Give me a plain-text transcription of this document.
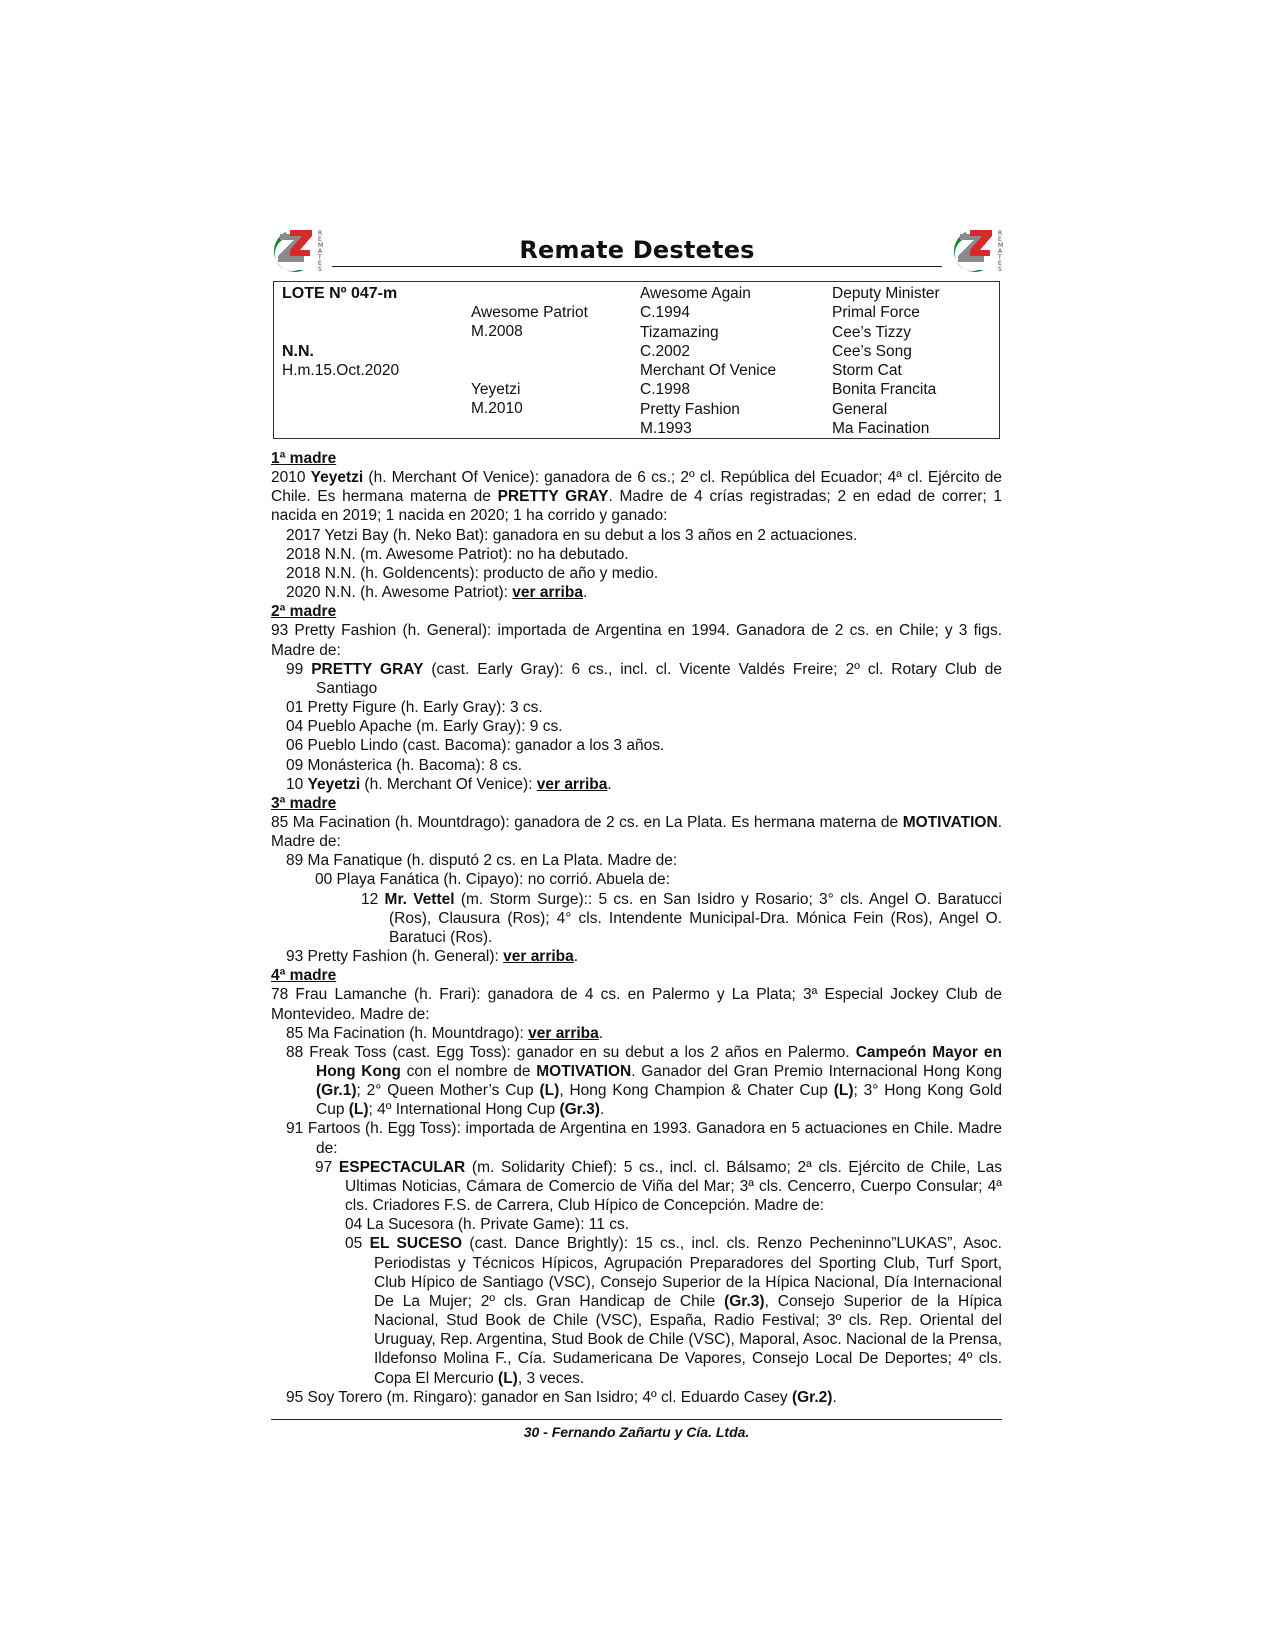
R
E
M
A
T
E
S
Remate Destetes
R
E
M
A
T
E
S
LOTE Nº 047-m
N.N.
H.m.15.Oct.2020
Awesome Patriot
M.2008
Yeyetzi
M.2010
Awesome Again
C.1994
Tizamazing
C.2002
Merchant Of Venice
C.1998
Pretty Fashion
M.1993
Deputy Minister
Primal Force
Cee’s Tizzy
Cee’s Song
Storm Cat
Bonita Francita
General
Ma Facination

1ª madre

2010 Yeyetzi (h. Merchant Of Venice): ganadora de 6 cs.; 2º cl. República del Ecuador; 4ª cl. Ejército de Chile. Es hermana materna de PRETTY GRAY. Madre de 4 crías registradas; 2 en edad de correr; 1 nacida en 2019; 1 nacida en 2020; 1 ha corrido y ganado:

2017 Yetzi Bay (h. Neko Bat): ganadora en su debut a los 3 años en 2 actuaciones.

2018 N.N. (m. Awesome Patriot): no ha debutado.

2018 N.N. (h. Goldencents): producto de año y medio.

2020 N.N. (h. Awesome Patriot): ver arriba.

2ª madre

93 Pretty Fashion (h. General): importada de Argentina en 1994. Ganadora de 2 cs. en Chile; y 3 figs. Madre de:

99 PRETTY GRAY (cast. Early Gray): 6 cs., incl. cl. Vicente Valdés Freire; 2º cl. Rotary Club de Santiago

01 Pretty Figure (h. Early Gray): 3 cs.

04 Pueblo Apache (m. Early Gray): 9 cs.

06 Pueblo Lindo (cast. Bacoma): ganador a los 3 años.

09 Monásterica (h. Bacoma): 8 cs.

10 Yeyetzi (h. Merchant Of Venice): ver arriba.

3ª madre

85 Ma Facination (h. Mountdrago): ganadora de 2 cs. en La Plata. Es hermana materna de MOTIVATION. Madre de:

89 Ma Fanatique (h. disputó 2 cs. en La Plata. Madre de:

00 Playa Fanática (h. Cipayo): no corrió. Abuela de:

12 Mr. Vettel (m. Storm Surge):: 5 cs. en San Isidro y Rosario; 3° cls. Angel O. Baratucci (Ros), Clausura (Ros); 4° cls. Intendente Municipal-Dra. Mónica Fein (Ros), Angel O. Baratuci (Ros).

93 Pretty Fashion (h. General): ver arriba.

4ª madre

78 Frau Lamanche (h. Frari): ganadora de 4 cs. en Palermo y La Plata; 3ª Especial Jockey Club de Montevideo. Madre de:

85 Ma Facination (h. Mountdrago): ver arriba.

88 Freak Toss (cast. Egg Toss): ganador en su debut a los 2 años en Palermo. Campeón Mayor en Hong Kong con el nombre de MOTIVATION. Ganador del Gran Premio Internacional Hong Kong (Gr.1); 2° Queen Mother’s Cup (L), Hong Kong Champion & Chater Cup (L); 3° Hong Kong Gold Cup (L); 4º International Hong Cup (Gr.3).

91 Fartoos (h. Egg Toss): importada de Argentina en 1993. Ganadora en 5 actuaciones en Chile. Madre de:

97 ESPECTACULAR (m. Solidarity Chief): 5 cs., incl. cl. Bálsamo; 2ª cls. Ejército de Chile, Las Ultimas Noticias, Cámara de Comercio de Viña del Mar; 3ª cls. Cencerro, Cuerpo Consular; 4ª cls. Criadores F.S. de Carrera, Club Hípico de Concepción. Madre de:

04 La Sucesora (h. Private Game): 11 cs.

05 EL SUCESO (cast. Dance Brightly): 15 cs., incl. cls. Renzo Pecheninno”LUKAS”, Asoc. Periodistas y Técnicos Hípicos, Agrupación Preparadores del Sporting Club, Turf Sport, Club Hípico de Santiago (VSC), Consejo Superior de la Hípica Nacional, Día Internacional De La Mujer; 2º cls. Gran Handicap de Chile (Gr.3), Consejo Superior de la Hípica Nacional, Stud Book de Chile (VSC), España, Radio Festival; 3º cls. Rep. Oriental del Uruguay, Rep. Argentina, Stud Book de Chile (VSC), Maporal, Asoc. Nacional de la Prensa, Ildefonso Molina F., Cía. Sudamericana De Vapores, Consejo Local De Deportes; 4º cls. Copa El Mercurio (L), 3 veces.

95 Soy Torero (m. Ringaro): ganador en San Isidro; 4º cl. Eduardo Casey (Gr.2).

30 - Fernando Zañartu y Cía. Ltda.
